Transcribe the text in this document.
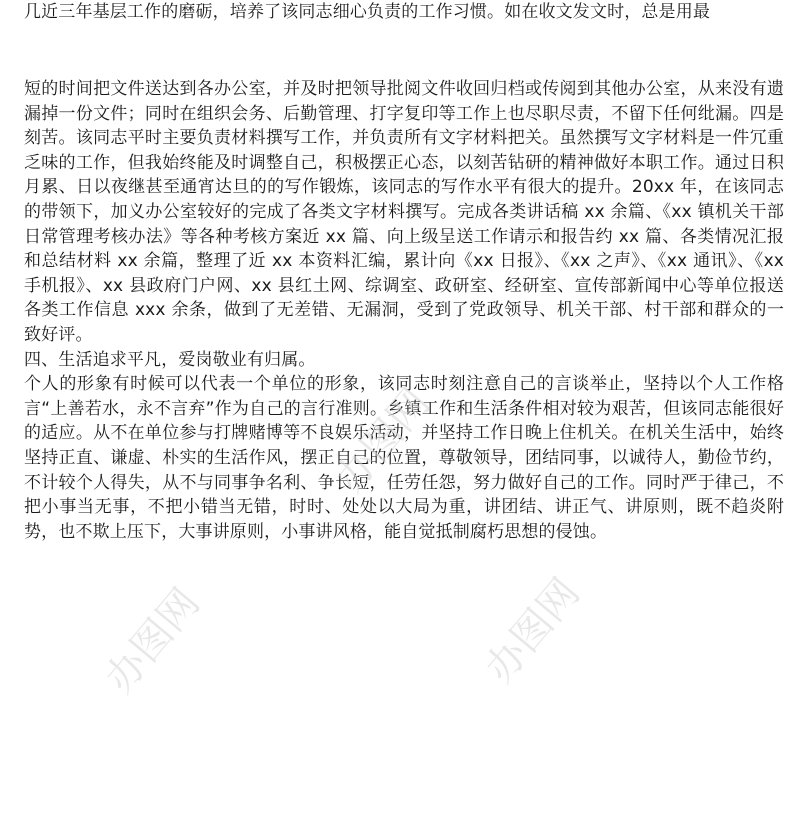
几近三年基层工作的磨砺，培养了该同志细心负责的工作习惯。如在收文发文时，总是用最

短的时间把文件送达到各办公室，并及时把领导批阅文件收回归档或传阅到其他办公室，从来没有遗漏掉一份文件；同时在组织会务、后勤管理、打字复印等工作上也尽职尽责，不留下任何纰漏。四是刻苦。该同志平时主要负责材料撰写工作，并负责所有文字材料把关。虽然撰写文字材料是一件冗重乏味的工作，但我始终能及时调整自己，积极摆正心态，以刻苦钻研的精神做好本职工作。通过日积月累、日以夜继甚至通宵达旦的的写作锻炼，该同志的写作水平有很大的提升。20xx 年，在该同志的带领下，加义办公室较好的完成了各类文字材料撰写。完成各类讲话稿 xx 余篇、《xx 镇机关干部日常管理考核办法》等各种考核方案近 xx 篇、向上级呈送工作请示和报告约 xx 篇、各类情况汇报和总结材料 xx 余篇，整理了近 xx 本资料汇编，累计向《xx 日报》、《xx 之声》、《xx 通讯》、《xx 手机报》、xx 县政府门户网、xx 县红土网、综调室、政研室、经研室、宣传部新闻中心等单位报送各类工作信息 xxx 余条，做到了无差错、无漏洞，受到了党政领导、机关干部、村干部和群众的一致好评。

四、生活追求平凡，爱岗敬业有归属。

个人的形象有时候可以代表一个单位的形象，该同志时刻注意自己的言谈举止，坚持以个人工作格言“上善若水，永不言弃”作为自己的言行准则。乡镇工作和生活条件相对较为艰苦，但该同志能很好的适应。从不在单位参与打牌赌博等不良娱乐活动，并坚持工作日晚上住机关。在机关生活中，始终坚持正直、谦虚、朴实的生活作风，摆正自己的位置，尊敬领导，团结同事，以诚待人，勤俭节约，不计较个人得失，从不与同事争名利、争长短，任劳任怨，努力做好自己的工作。同时严于律己，不把小事当无事，不把小错当无错，时时、处处以大局为重，讲团结、讲正气、讲原则，既不趋炎附势，也不欺上压下，大事讲原则，小事讲风格，能自觉抵制腐朽思想的侵蚀。

办图网
办图网	办图网
